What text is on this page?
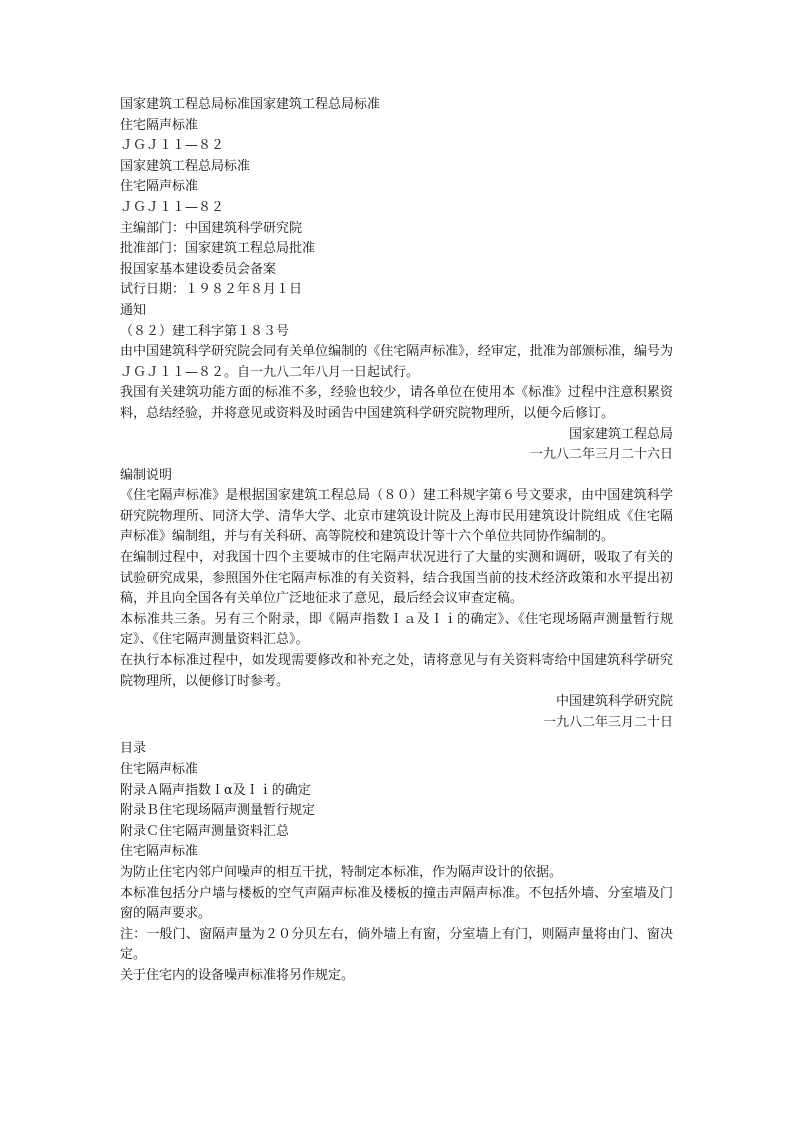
国家建筑工程总局标准国家建筑工程总局标准
住宅隔声标准
ＪＧＪ１１—８２
国家建筑工程总局标准
住宅隔声标准
ＪＧＪ１１—８２
主编部门：中国建筑科学研究院
批准部门：国家建筑工程总局批准
报国家基本建设委员会备案
试行日期：１９８２年８月１日
通知
（８２）建工科字第１８３号
由中国建筑科学研究院会同有关单位编制的《住宅隔声标准》，经审定，批准为部颁标准，编号为ＪＧＪ１１—８２。自一九八二年八月一日起试行。
我国有关建筑功能方面的标准不多，经验也较少，请各单位在使用本《标准》过程中注意积累资料，总结经验，并将意见或资料及时函告中国建筑科学研究院物理所，以便今后修订。
国家建筑工程总局
一九八二年三月二十六日
编制说明
《住宅隔声标准》是根据国家建筑工程总局（８０）建工科规字第６号文要求，由中国建筑科学研究院物理所、同济大学、清华大学、北京市建筑设计院及上海市民用建筑设计院组成《住宅隔声标准》编制组，并与有关科研、高等院校和建筑设计等十六个单位共同协作编制的。
在编制过程中，对我国十四个主要城市的住宅隔声状况进行了大量的实测和调研，吸取了有关的试验研究成果，参照国外住宅隔声标准的有关资料，结合我国当前的技术经济政策和水平提出初稿，并且向全国各有关单位广泛地征求了意见，最后经会议审查定稿。
本标准共三条。另有三个附录，即《隔声指数Ｉａ及Ｉｉ的确定》、《住宅现场隔声测量暂行规定》、《住宅隔声测量资料汇总》。
在执行本标准过程中，如发现需要修改和补充之处，请将意见与有关资料寄给中国建筑科学研究院物理所，以便修订时参考。
中国建筑科学研究院
一九八二年三月二十日
目录
住宅隔声标准
附录Ａ隔声指数Ｉα及Ｉｉ的确定
附录Ｂ住宅现场隔声测量暂行规定
附录Ｃ住宅隔声测量资料汇总
住宅隔声标准
为防止住宅内邻户间噪声的相互干扰，特制定本标准，作为隔声设计的依据。
本标准包括分户墙与楼板的空气声隔声标准及楼板的撞击声隔声标准。不包括外墙、分室墙及门窗的隔声要求。
注：一般门、窗隔声量为２０分贝左右，倘外墙上有窗，分室墙上有门，则隔声量将由门、窗决定。
关于住宅内的设备噪声标准将另作规定。
